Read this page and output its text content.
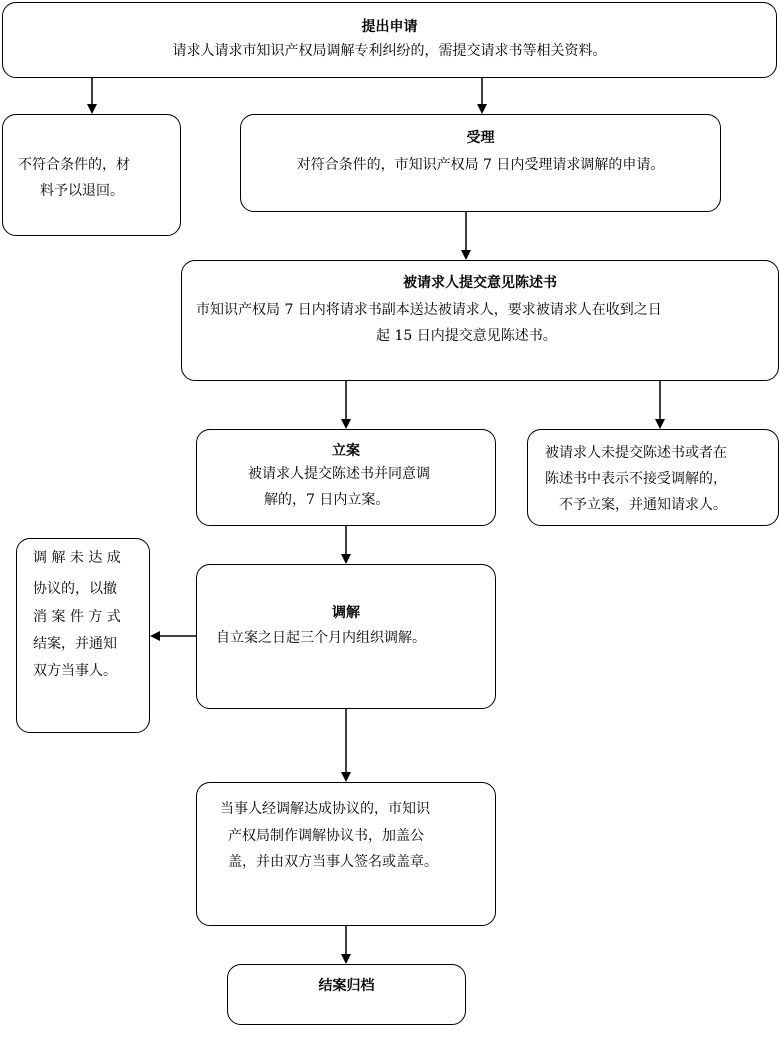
提出申请
请求人请求市知识产权局调解专利纠纷的，需提交请求书等相关资料。
不符合条件的，材
料予以退回。
受理
对符合条件的，市知识产权局 7 日内受理请求调解的申请。
被请求人提交意见陈述书
市知识产权局 7 日内将请求书副本送达被请求人，要求被请求人在收到之日
起 15 日内提交意见陈述书。
立案
被请求人提交陈述书并同意调
解的，7 日内立案。
被请求人未提交陈述书或者在
陈述书中表示不接受调解的，
不予立案，并通知请求人。
调 解 未 达 成
协议的，以撤
消 案 件 方 式
结案，并通知
双方当事人。
调解
自立案之日起三个月内组织调解。
当事人经调解达成协议的，市知识
产权局制作调解协议书，加盖公
盖，并由双方当事人签名或盖章。
结案归档
